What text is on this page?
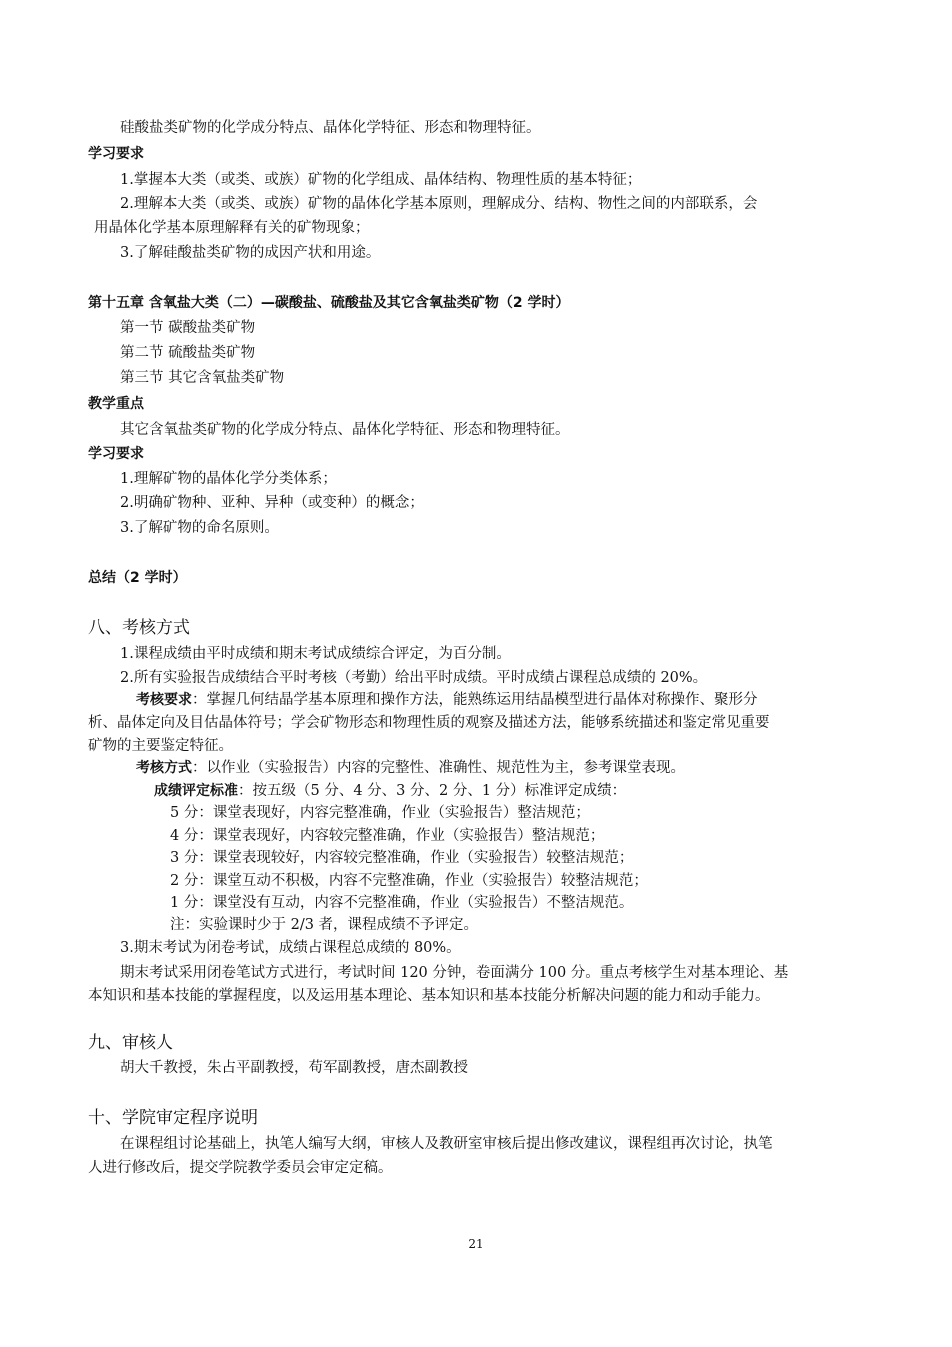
硅酸盐类矿物的化学成分特点、晶体化学特征、形态和物理特征。
学习要求
1.掌握本大类（或类、或族）矿物的化学组成、晶体结构、物理性质的基本特征；
2.理解本大类（或类、或族）矿物的晶体化学基本原则，理解成分、结构、物性之间的内部联系，会
用晶体化学基本原理解释有关的矿物现象；
3.了解硅酸盐类矿物的成因产状和用途。
第十五章 含氧盐大类（二）—碳酸盐、硫酸盐及其它含氧盐类矿物（2 学时）
第一节 碳酸盐类矿物
第二节 硫酸盐类矿物
第三节 其它含氧盐类矿物
教学重点
其它含氧盐类矿物的化学成分特点、晶体化学特征、形态和物理特征。
学习要求
1.理解矿物的晶体化学分类体系；
2.明确矿物种、亚种、异种（或变种）的概念；
3.了解矿物的命名原则。
总结（2 学时）
八、考核方式
1.课程成绩由平时成绩和期末考试成绩综合评定，为百分制。
2.所有实验报告成绩结合平时考核（考勤）给出平时成绩。平时成绩占课程总成绩的 20%。
考核要求：掌握几何结晶学基本原理和操作方法，能熟练运用结晶模型进行晶体对称操作、聚形分
析、晶体定向及目估晶体符号；学会矿物形态和物理性质的观察及描述方法，能够系统描述和鉴定常见重要
矿物的主要鉴定特征。
考核方式：以作业（实验报告）内容的完整性、准确性、规范性为主，参考课堂表现。
成绩评定标准：按五级（5 分、4 分、3 分、2 分、1 分）标准评定成绩：
5 分：课堂表现好，内容完整准确，作业（实验报告）整洁规范；
4 分：课堂表现好，内容较完整准确，作业（实验报告）整洁规范；
3 分：课堂表现较好，内容较完整准确，作业（实验报告）较整洁规范；
2 分：课堂互动不积极，内容不完整准确，作业（实验报告）较整洁规范；
1 分：课堂没有互动，内容不完整准确，作业（实验报告）不整洁规范。
注：实验课时少于 2/3 者，课程成绩不予评定。
3.期末考试为闭卷考试，成绩占课程总成绩的 80%。
期末考试采用闭卷笔试方式进行，考试时间 120 分钟，卷面满分 100 分。重点考核学生对基本理论、基
本知识和基本技能的掌握程度，以及运用基本理论、基本知识和基本技能分析解决问题的能力和动手能力。
九、审核人
胡大千教授，朱占平副教授，苟军副教授，唐杰副教授
十、学院审定程序说明
在课程组讨论基础上，执笔人编写大纲，审核人及教研室审核后提出修改建议，课程组再次讨论，执笔
人进行修改后，提交学院教学委员会审定定稿。
21
